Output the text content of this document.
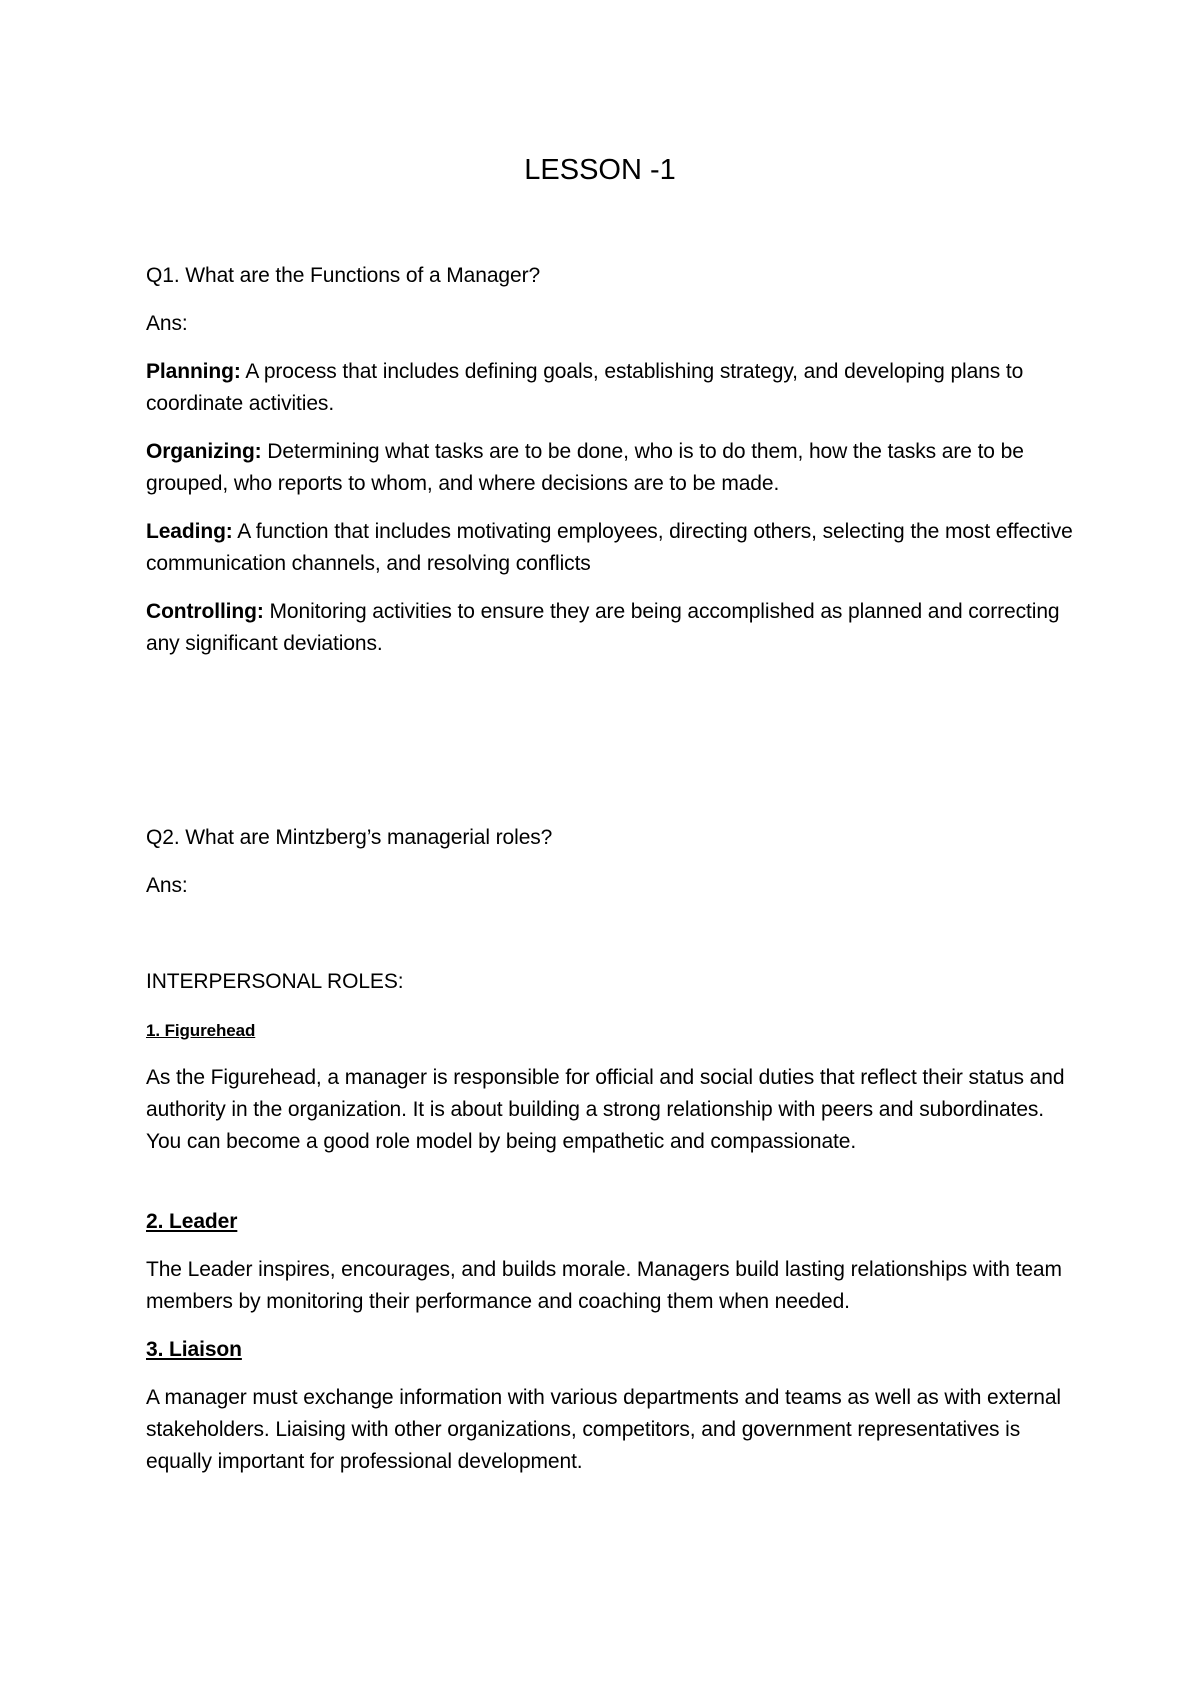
LESSON -1

Q1. What are the Functions of a Manager?

Ans:

Planning: A process that includes defining goals, establishing strategy, and developing plans to coordinate activities.

Organizing: Determining what tasks are to be done, who is to do them, how the tasks are to be grouped, who reports to whom, and where decisions are to be made.

Leading: A function that includes motivating employees, directing others, selecting the most effective communication channels, and resolving conflicts

Controlling: Monitoring activities to ensure they are being accomplished as planned and correcting any significant deviations.

Q2. What are Mintzberg’s managerial roles?

Ans:

INTERPERSONAL ROLES:

1. Figurehead

As the Figurehead, a manager is responsible for official and social duties that reflect their status and authority in the organization. It is about building a strong relationship with peers and subordinates. You can become a good role model by being empathetic and compassionate.

2. Leader

The Leader inspires, encourages, and builds morale. Managers build lasting relationships with team members by monitoring their performance and coaching them when needed.

3. Liaison

A manager must exchange information with various departments and teams as well as with external stakeholders. Liaising with other organizations, competitors, and government representatives is equally important for professional development.
